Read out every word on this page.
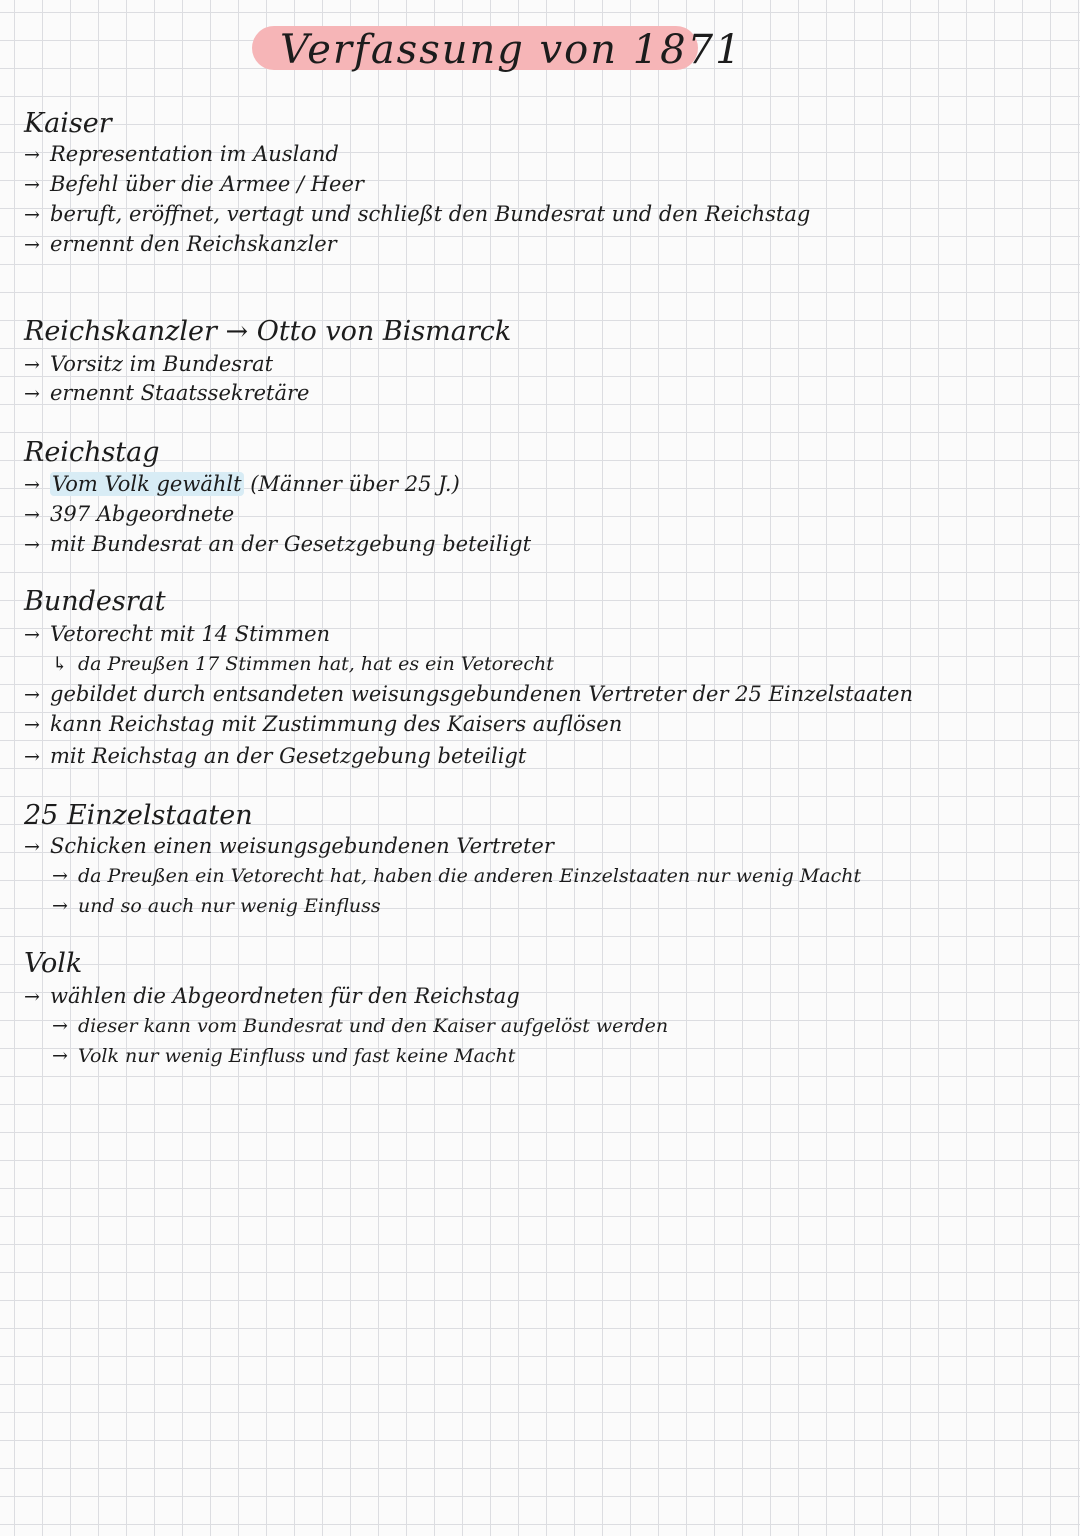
Verfassung von 1871
Kaiser
→ Representation im Ausland
→ Befehl über die Armee / Heer
→ beruft, eröffnet, vertagt und schließt den Bundesrat und den Reichstag
→ ernennt den Reichskanzler
Reichskanzler → Otto von Bismarck
→ Vorsitz im Bundesrat
→ ernennt Staatssekretäre
Reichstag
→ Vom Volk gewählt (Männer über 25 J.)
→ 397 Abgeordnete
→ mit Bundesrat an der Gesetzgebung beteiligt
Bundesrat
→ Vetorecht mit 14 Stimmen
↳ da Preußen 17 Stimmen hat, hat es ein Vetorecht
→ gebildet durch entsandeten weisungsgebundenen Vertreter der 25 Einzelstaaten
→ kann Reichstag mit Zustimmung des Kaisers auflösen
→ mit Reichstag an der Gesetzgebung beteiligt
25 Einzelstaaten
→ Schicken einen weisungsgebundenen Vertreter
→ da Preußen ein Vetorecht hat, haben die anderen Einzelstaaten nur wenig Macht
→ und so auch nur wenig Einfluss
Volk
→ wählen die Abgeordneten für den Reichstag
→ dieser kann vom Bundesrat und den Kaiser aufgelöst werden
→ Volk nur wenig Einfluss und fast keine Macht
